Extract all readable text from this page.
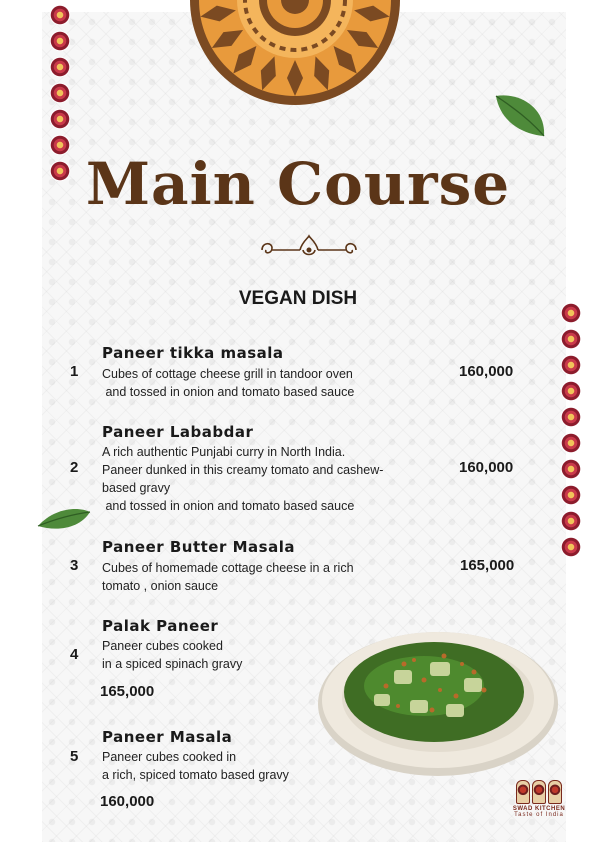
Main Course
VEGAN DISH
Paneer tikka masala
1 Cubes of cottage cheese grill in tandoor oven
and tossed in onion and tomato based sauce
160,000
Paneer Lababdar
2
A rich authentic Punjabi curry in North India.
Paneer dunked in this creamy tomato and cashew-
based gravy
and tossed in onion and tomato based sauce
160,000
Paneer Butter Masala
3 Cubes of homemade cottage cheese in a rich
tomato , onion sauce
165,000
Palak Paneer
4 Paneer cubes cooked
in a spiced spinach gravy
165,000
Paneer Masala
5 Paneer cubes cooked in
a rich, spiced tomato based gravy
160,000	SWAD KITCHEN
Taste of India
